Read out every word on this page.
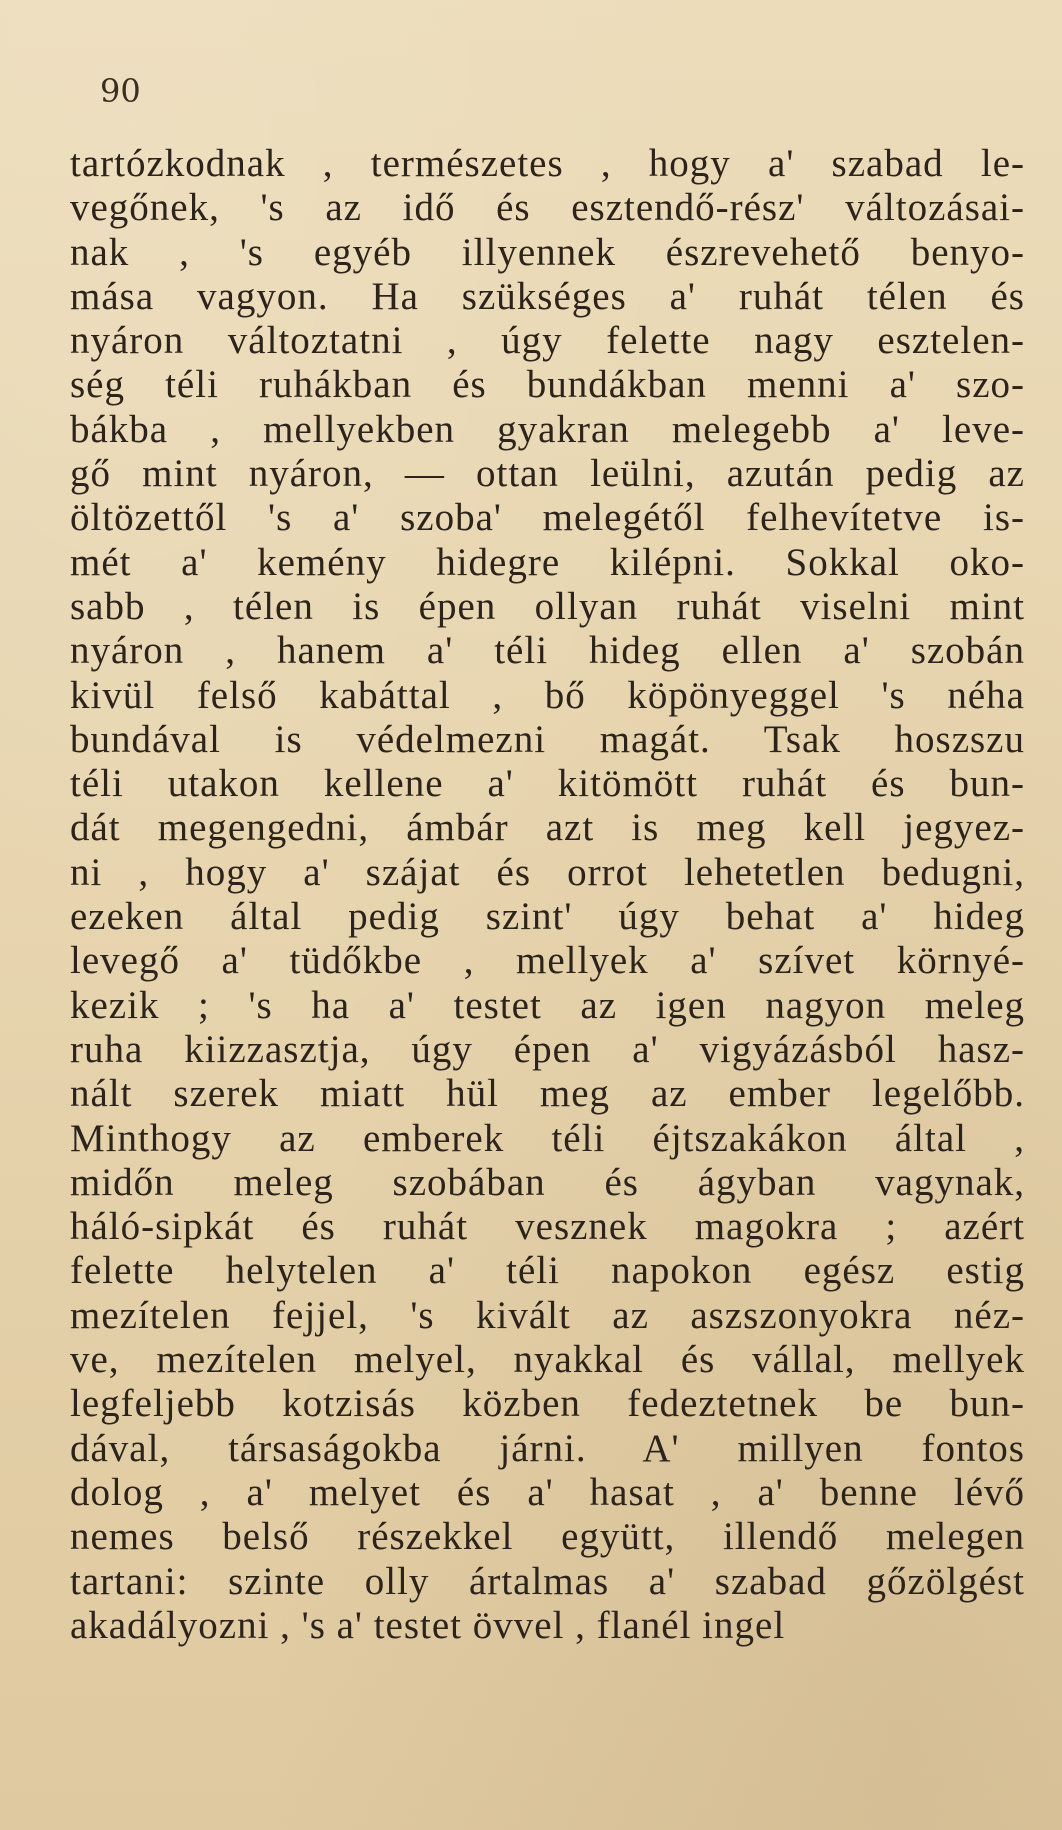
90

tartózkodnak , természetes , hogy a' szabad le-
vegőnek, 's az idő és esztendő-rész' változásai-
nak , 's egyéb illyennek észrevehető benyo-
mása vagyon. Ha szükséges a' ruhát télen és
nyáron változtatni , úgy felette nagy esztelen-
ség téli ruhákban és bundákban menni a' szo-
bákba , mellyekben gyakran melegebb a' leve-
gő mint nyáron, — ottan leülni, azután pedig az
öltözettől 's a' szoba' melegétől felhevítetve is-
mét a' kemény hidegre kilépni. Sokkal oko-
sabb , télen is épen ollyan ruhát viselni mint
nyáron , hanem a' téli hideg ellen a' szobán
kivül felső kabáttal , bő köpönyeggel 's néha
bundával is védelmezni magát. Tsak hoszszu
téli utakon kellene a' kitömött ruhát és bun-
dát megengedni, ámbár azt is meg kell jegyez-
ni , hogy a' szájat és orrot lehetetlen bedugni,
ezeken által pedig szint' úgy behat a' hideg
levegő a' tüdőkbe , mellyek a' szívet környé-
kezik ; 's ha a' testet az igen nagyon meleg
ruha kiizzasztja, úgy épen a' vigyázásból hasz-
nált szerek miatt hül meg az ember legelőbb.
Minthogy az emberek téli éjtszakákon által ,
midőn meleg szobában és ágyban vagynak,
háló-sipkát és ruhát vesznek magokra ; azért
felette helytelen a' téli napokon egész estig
mezítelen fejjel, 's kivált az aszszonyokra néz-
ve, mezítelen melyel, nyakkal és vállal, mellyek
legfeljebb kotzisás közben fedeztetnek be bun-
dával, társaságokba járni. A' millyen fontos
dolog , a' melyet és a' hasat , a' benne lévő
nemes belső részekkel együtt, illendő melegen
tartani: szinte olly ártalmas a' szabad gőzölgést
akadályozni , 's a' testet övvel , flanél ingel
